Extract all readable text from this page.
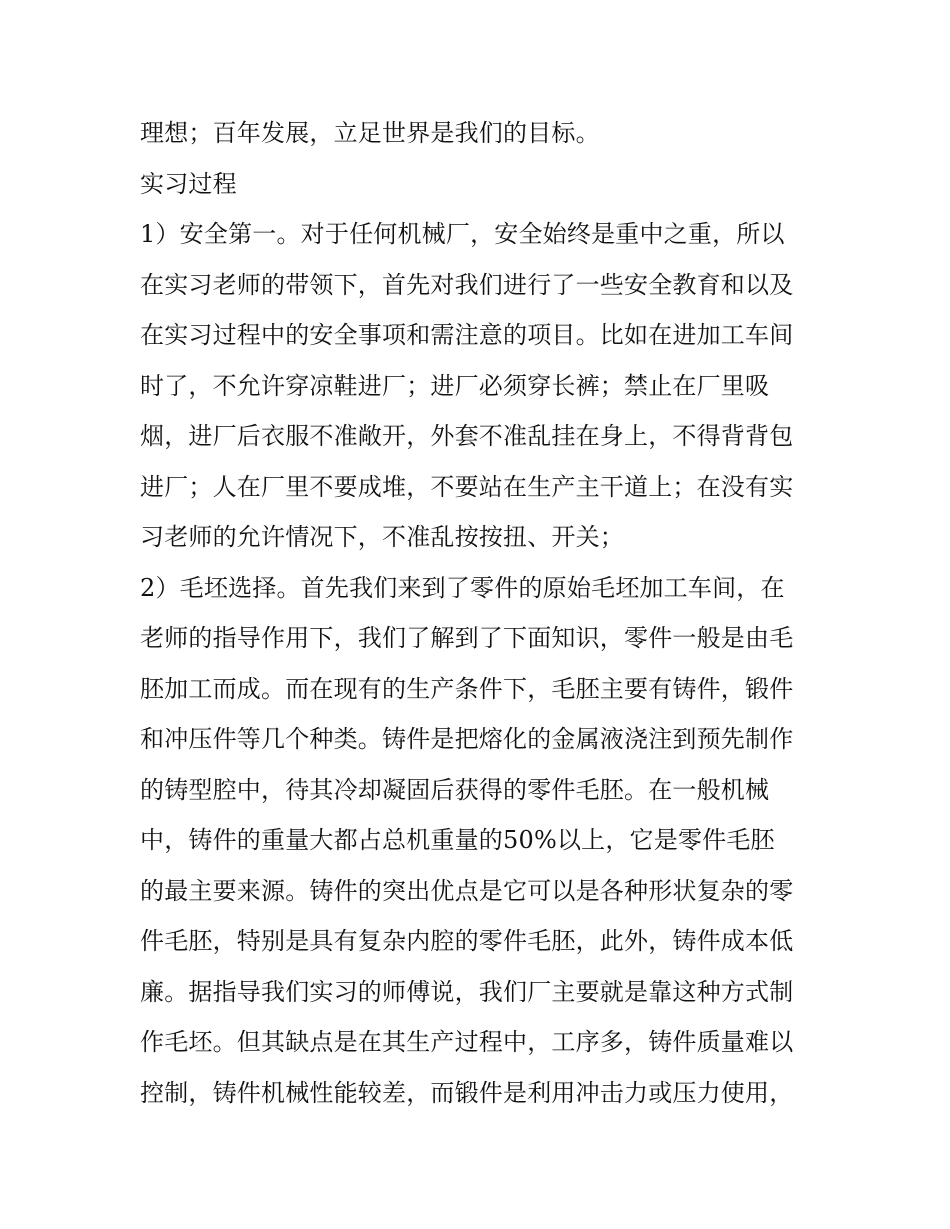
理想；百年发展，立足世界是我们的目标。
实习过程
1）安全第一。对于任何机械厂，安全始终是重中之重，所以
在实习老师的带领下，首先对我们进行了一些安全教育和以及
在实习过程中的安全事项和需注意的项目。比如在进加工车间
时了，不允许穿凉鞋进厂；进厂必须穿长裤；禁止在厂里吸
烟，进厂后衣服不准敞开，外套不准乱挂在身上，不得背背包
进厂；人在厂里不要成堆，不要站在生产主干道上；在没有实
习老师的允许情况下，不准乱按按扭、开关；
2）毛坯选择。首先我们来到了零件的原始毛坯加工车间，在
老师的指导作用下，我们了解到了下面知识，零件一般是由毛
胚加工而成。而在现有的生产条件下，毛胚主要有铸件，锻件
和冲压件等几个种类。铸件是把熔化的金属液浇注到预先制作
的铸型腔中，待其冷却凝固后获得的零件毛胚。在一般机械
中，铸件的重量大都占总机重量的50%以上，它是零件毛胚
的最主要来源。铸件的突出优点是它可以是各种形状复杂的零
件毛胚，特别是具有复杂内腔的零件毛胚，此外，铸件成本低
廉。据指导我们实习的师傅说，我们厂主要就是靠这种方式制
作毛坯。但其缺点是在其生产过程中，工序多，铸件质量难以
控制，铸件机械性能较差，而锻件是利用冲击力或压力使用，
